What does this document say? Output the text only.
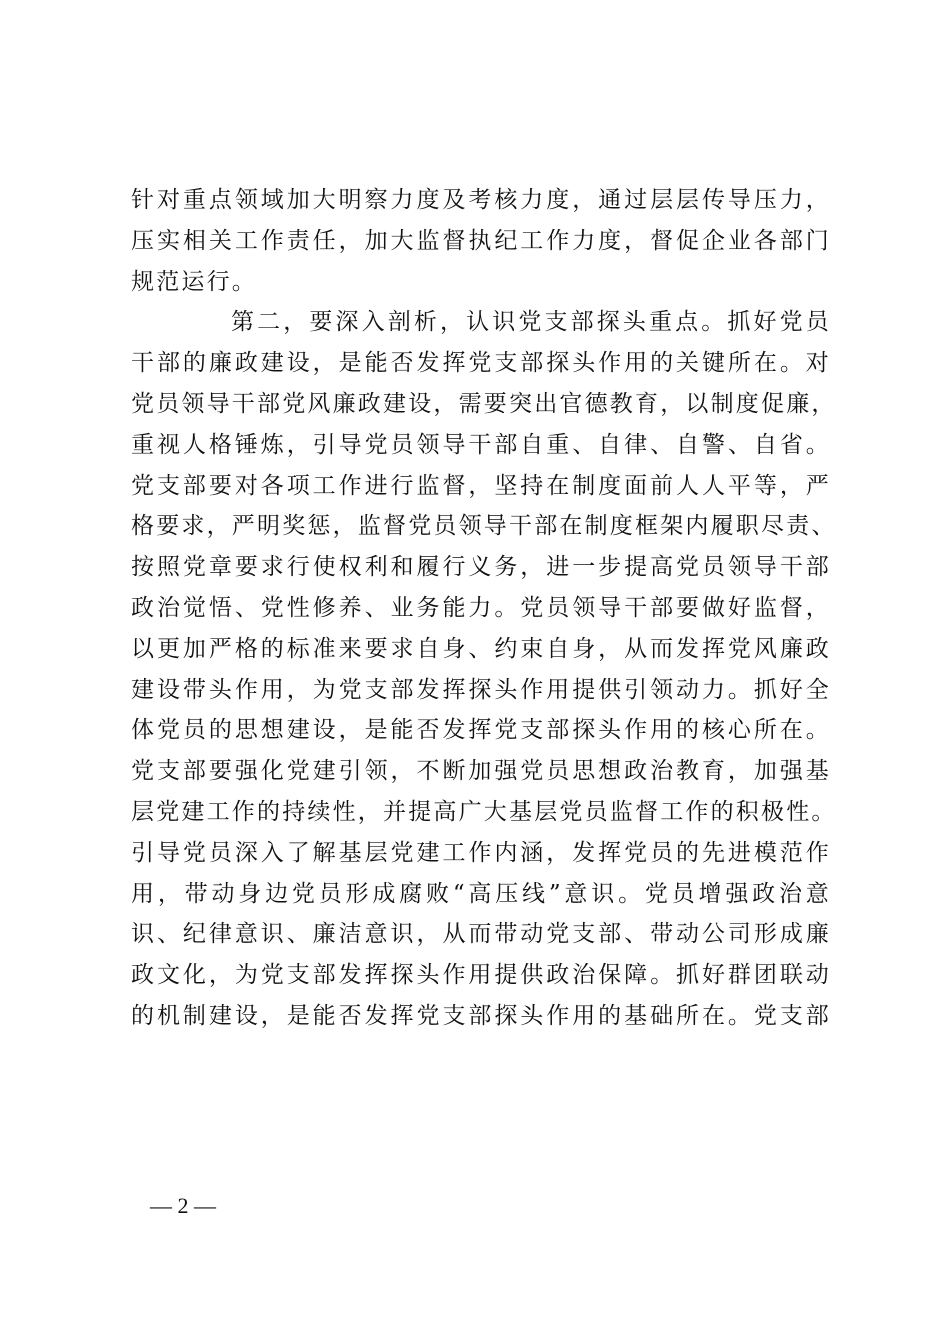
针对重点领域加大明察力度及考核力度，通过层层传导压力，
压实相关工作责任，加大监督执纪工作力度，督促企业各部门
规范运行。
第二，要深入剖析，认识党支部探头重点。抓好党员
干部的廉政建设，是能否发挥党支部探头作用的关键所在。对
党员领导干部党风廉政建设，需要突出官德教育，以制度促廉，
重视人格锤炼，引导党员领导干部自重、自律、自警、自省。
党支部要对各项工作进行监督，坚持在制度面前人人平等，严
格要求，严明奖惩，监督党员领导干部在制度框架内履职尽责、
按照党章要求行使权利和履行义务，进一步提高党员领导干部
政治觉悟、党性修养、业务能力。党员领导干部要做好监督，
以更加严格的标准来要求自身、约束自身，从而发挥党风廉政
建设带头作用，为党支部发挥探头作用提供引领动力。抓好全
体党员的思想建设，是能否发挥党支部探头作用的核心所在。
党支部要强化党建引领，不断加强党员思想政治教育，加强基
层党建工作的持续性，并提高广大基层党员监督工作的积极性。
引导党员深入了解基层党建工作内涵，发挥党员的先进模范作
用，带动身边党员形成腐败“高压线”意识。党员增强政治意
识、纪律意识、廉洁意识，从而带动党支部、带动公司形成廉
政文化，为党支部发挥探头作用提供政治保障。抓好群团联动
的机制建设，是能否发挥党支部探头作用的基础所在。党支部
— 2 —
